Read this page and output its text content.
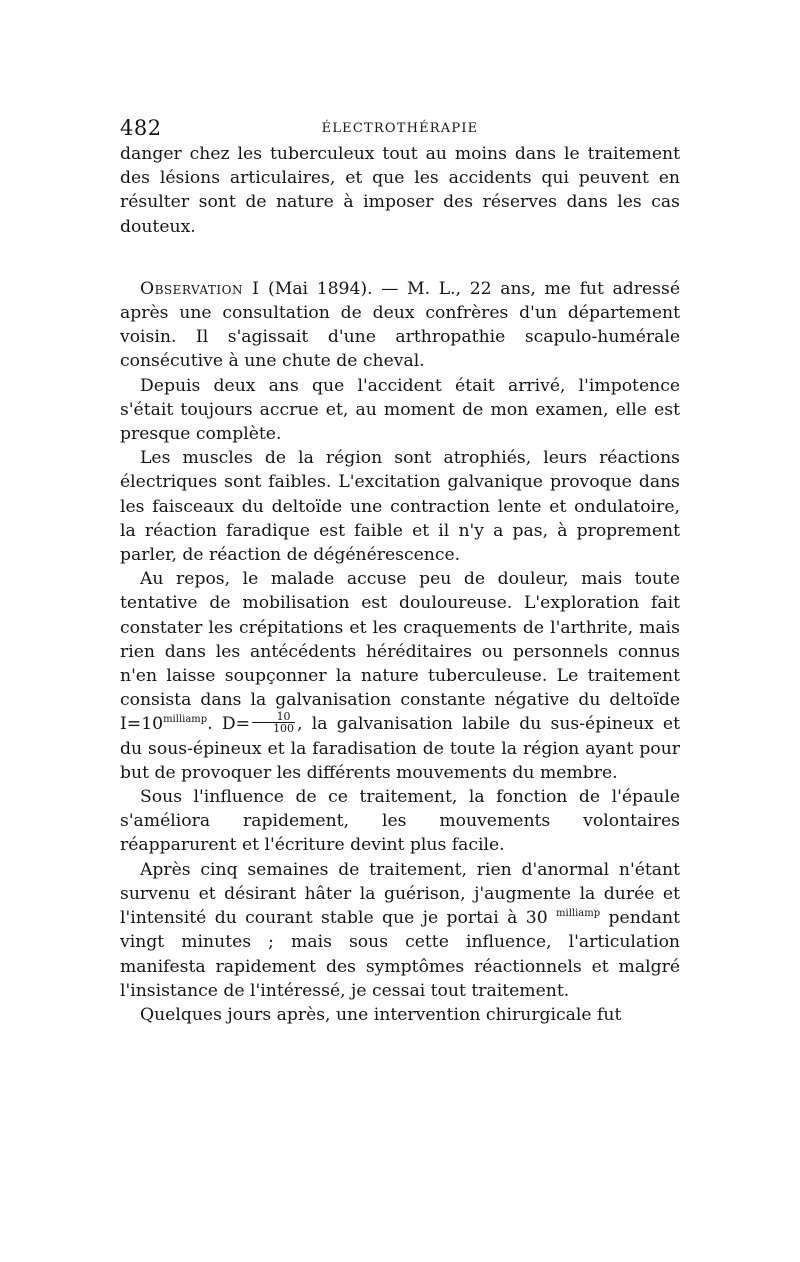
482	ÉLECTROTHÉRAPIE

danger chez les tuberculeux tout au moins dans le traitement des lésions articulaires, et que les accidents qui peuvent en résulter sont de nature à imposer des réserves dans les cas douteux.

Observation I (Mai 1894). — M. L., 22 ans, me fut adressé après une consultation de deux confrères d'un département voisin. Il s'agissait d'une arthropathie scapulo-humérale consécutive à une chute de cheval.

Depuis deux ans que l'accident était arrivé, l'impotence s'était toujours accrue et, au moment de mon examen, elle est presque complète.

Les muscles de la région sont atrophiés, leurs réactions électriques sont faibles. L'excitation galvanique provoque dans les faisceaux du deltoïde une contraction lente et ondulatoire, la réaction faradique est faible et il n'y a pas, à proprement parler, de réaction de dégénérescence.

Au repos, le malade accuse peu de douleur, mais toute tentative de mobilisation est douloureuse. L'exploration fait constater les crépitations et les craquements de l'arthrite, mais rien dans les antécédents héréditaires ou personnels connus n'en laisse soupçonner la nature tuberculeuse. Le traitement consista dans la galvanisation constante négative du deltoïde $I=10^{milliamp}$. $D= \frac{10}{100}$ , la galvanisation labile du sus-épineux et du sous-épineux et la faradisation de toute la région ayant pour but de provoquer les différents mouvements du membre.

Sous l'influence de ce traitement, la fonction de l'épaule s'améliora rapidement, les mouvements volontaires réapparurent et l'écriture devint plus facile.

Après cinq semaines de traitement, rien d'anormal n'étant survenu et désirant hâter la guérison, j'augmente la durée et l'intensité du courant stable que je portai à 30 $^{milliamp}$ pendant vingt minutes ; mais sous cette influence, l'articulation manifesta rapidement des symptômes réactionnels et malgré l'insistance de l'intéressé, je cessai tout traitement.

Quelques jours après, une intervention chirurgicale fut
